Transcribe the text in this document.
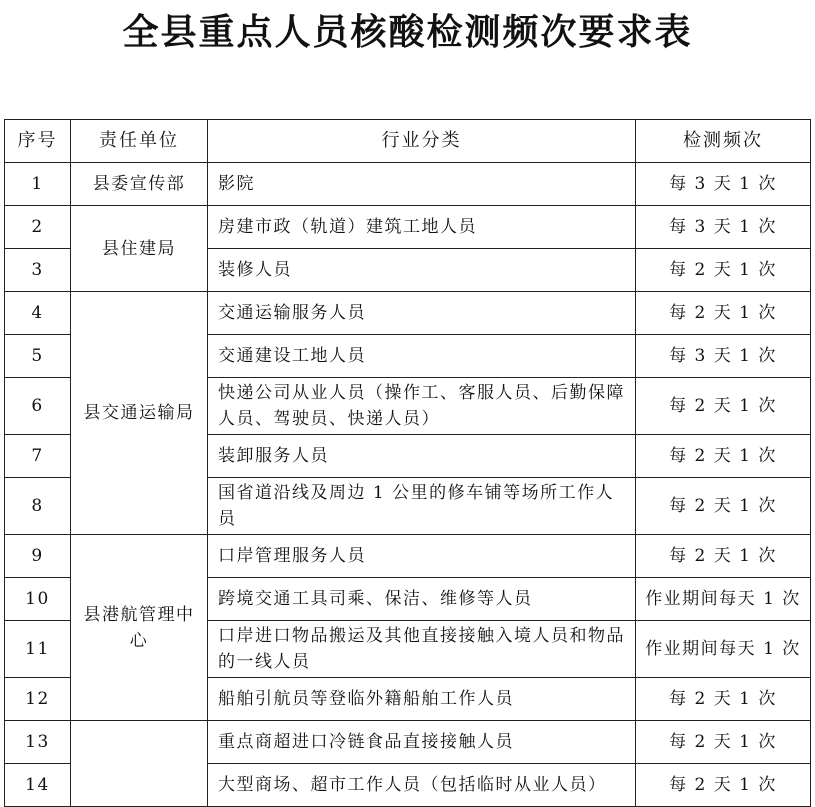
全县重点人员核酸检测频次要求表
序号	责任单位	行业分类	检测频次
1	县委宣传部	影院	每 3 天 1 次
2	县住建局	房建市政（轨道）建筑工地人员	每 3 天 1 次
3		装修人员	每 2 天 1 次
4	县交通运输局	交通运输服务人员	每 2 天 1 次
5		交通建设工地人员	每 3 天 1 次
6		快递公司从业人员（操作工、客服人员、后勤保障人员、驾驶员、快递人员）	每 2 天 1 次
7		装卸服务人员	每 2 天 1 次
8		国省道沿线及周边 1 公里的修车铺等场所工作人员	每 2 天 1 次
9	县港航管理中心	口岸管理服务人员	每 2 天 1 次
10		跨境交通工具司乘、保洁、维修等人员	作业期间每天 1 次
11		口岸进口物品搬运及其他直接接触入境人员和物品的一线人员	作业期间每天 1 次
12		船舶引航员等登临外籍船舶工作人员	每 2 天 1 次
13		重点商超进口冷链食品直接接触人员	每 2 天 1 次
14		大型商场、超市工作人员（包括临时从业人员）	每 2 天 1 次
